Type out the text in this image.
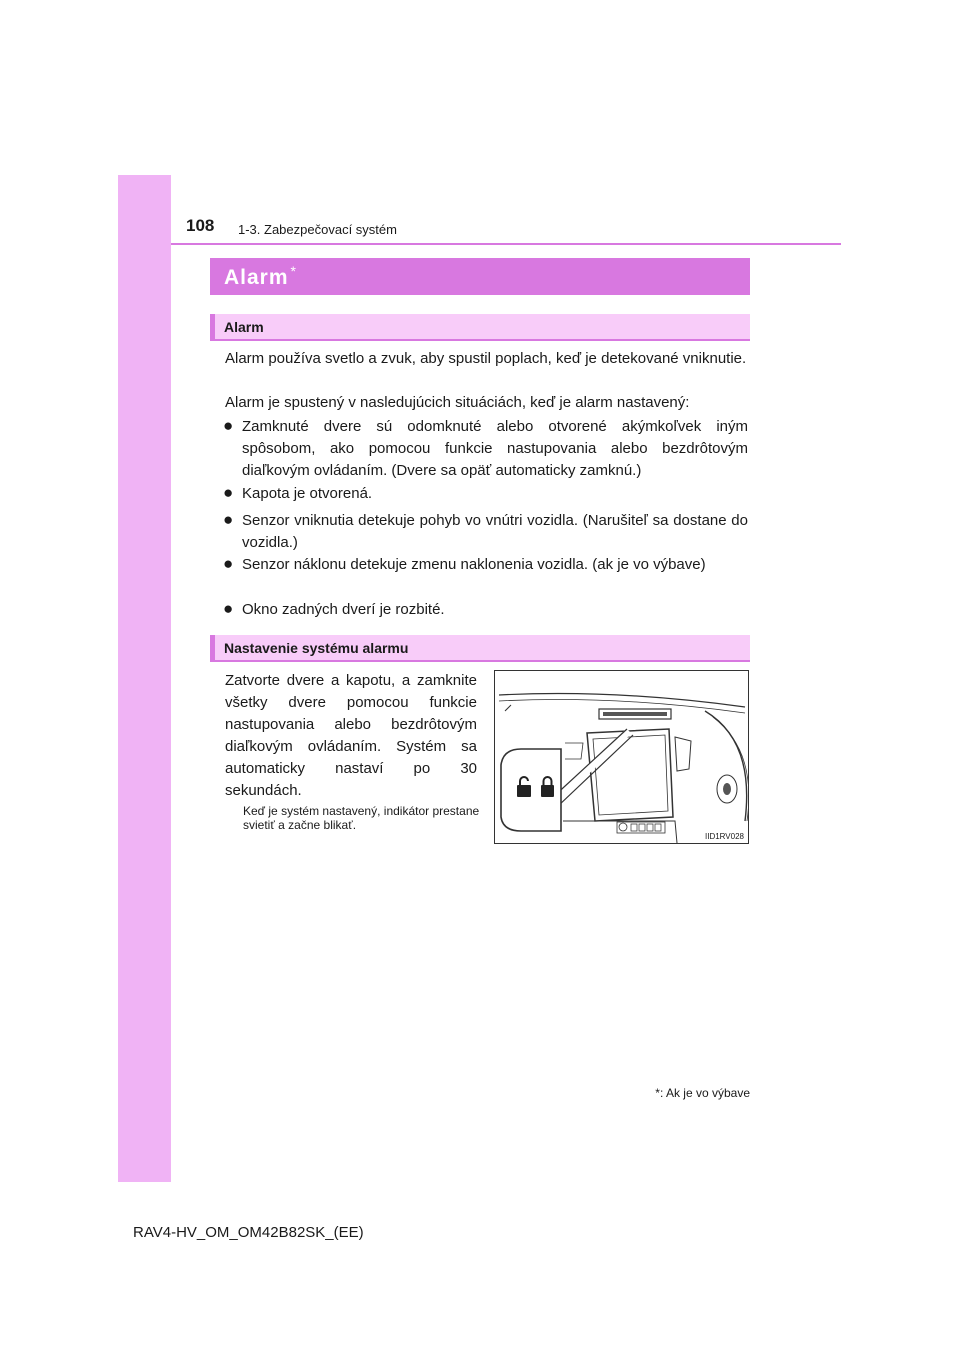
108 1-3. Zabezpečovací systém
Alarm *
Alarm
Alarm používa svetlo a zvuk, aby spustil poplach, keď je detekované vniknutie.
Alarm je spustený v nasledujúcich situáciách, keď je alarm nastavený:
● Zamknuté dvere sú odomknuté alebo otvorené akýmkoľvek iným spôsobom, ako pomocou funkcie nastupovania alebo bezdrôtovým diaľkovým ovládaním. (Dvere sa opäť automaticky zamknú.)
● Kapota je otvorená.
● Senzor vniknutia detekuje pohyb vo vnútri vozidla. (Narušiteľ sa dostane do vozidla.)
● Senzor náklonu detekuje zmenu naklonenia vozidla. (ak je vo výbave)
● Okno zadných dverí je rozbité.
Nastavenie systému alarmu
Zatvorte dvere a kapotu, a zamknite všetky dvere pomocou funkcie nastupovania alebo bezdrôtovým diaľkovým ovládaním. Systém sa automaticky nastaví po 30 sekundách.
Keď je systém nastavený, indikátor prestane svietiť a začne blikať.
IID1RV028
*: Ak je vo výbave
RAV4-HV_OM_OM42B82SK_(EE)
